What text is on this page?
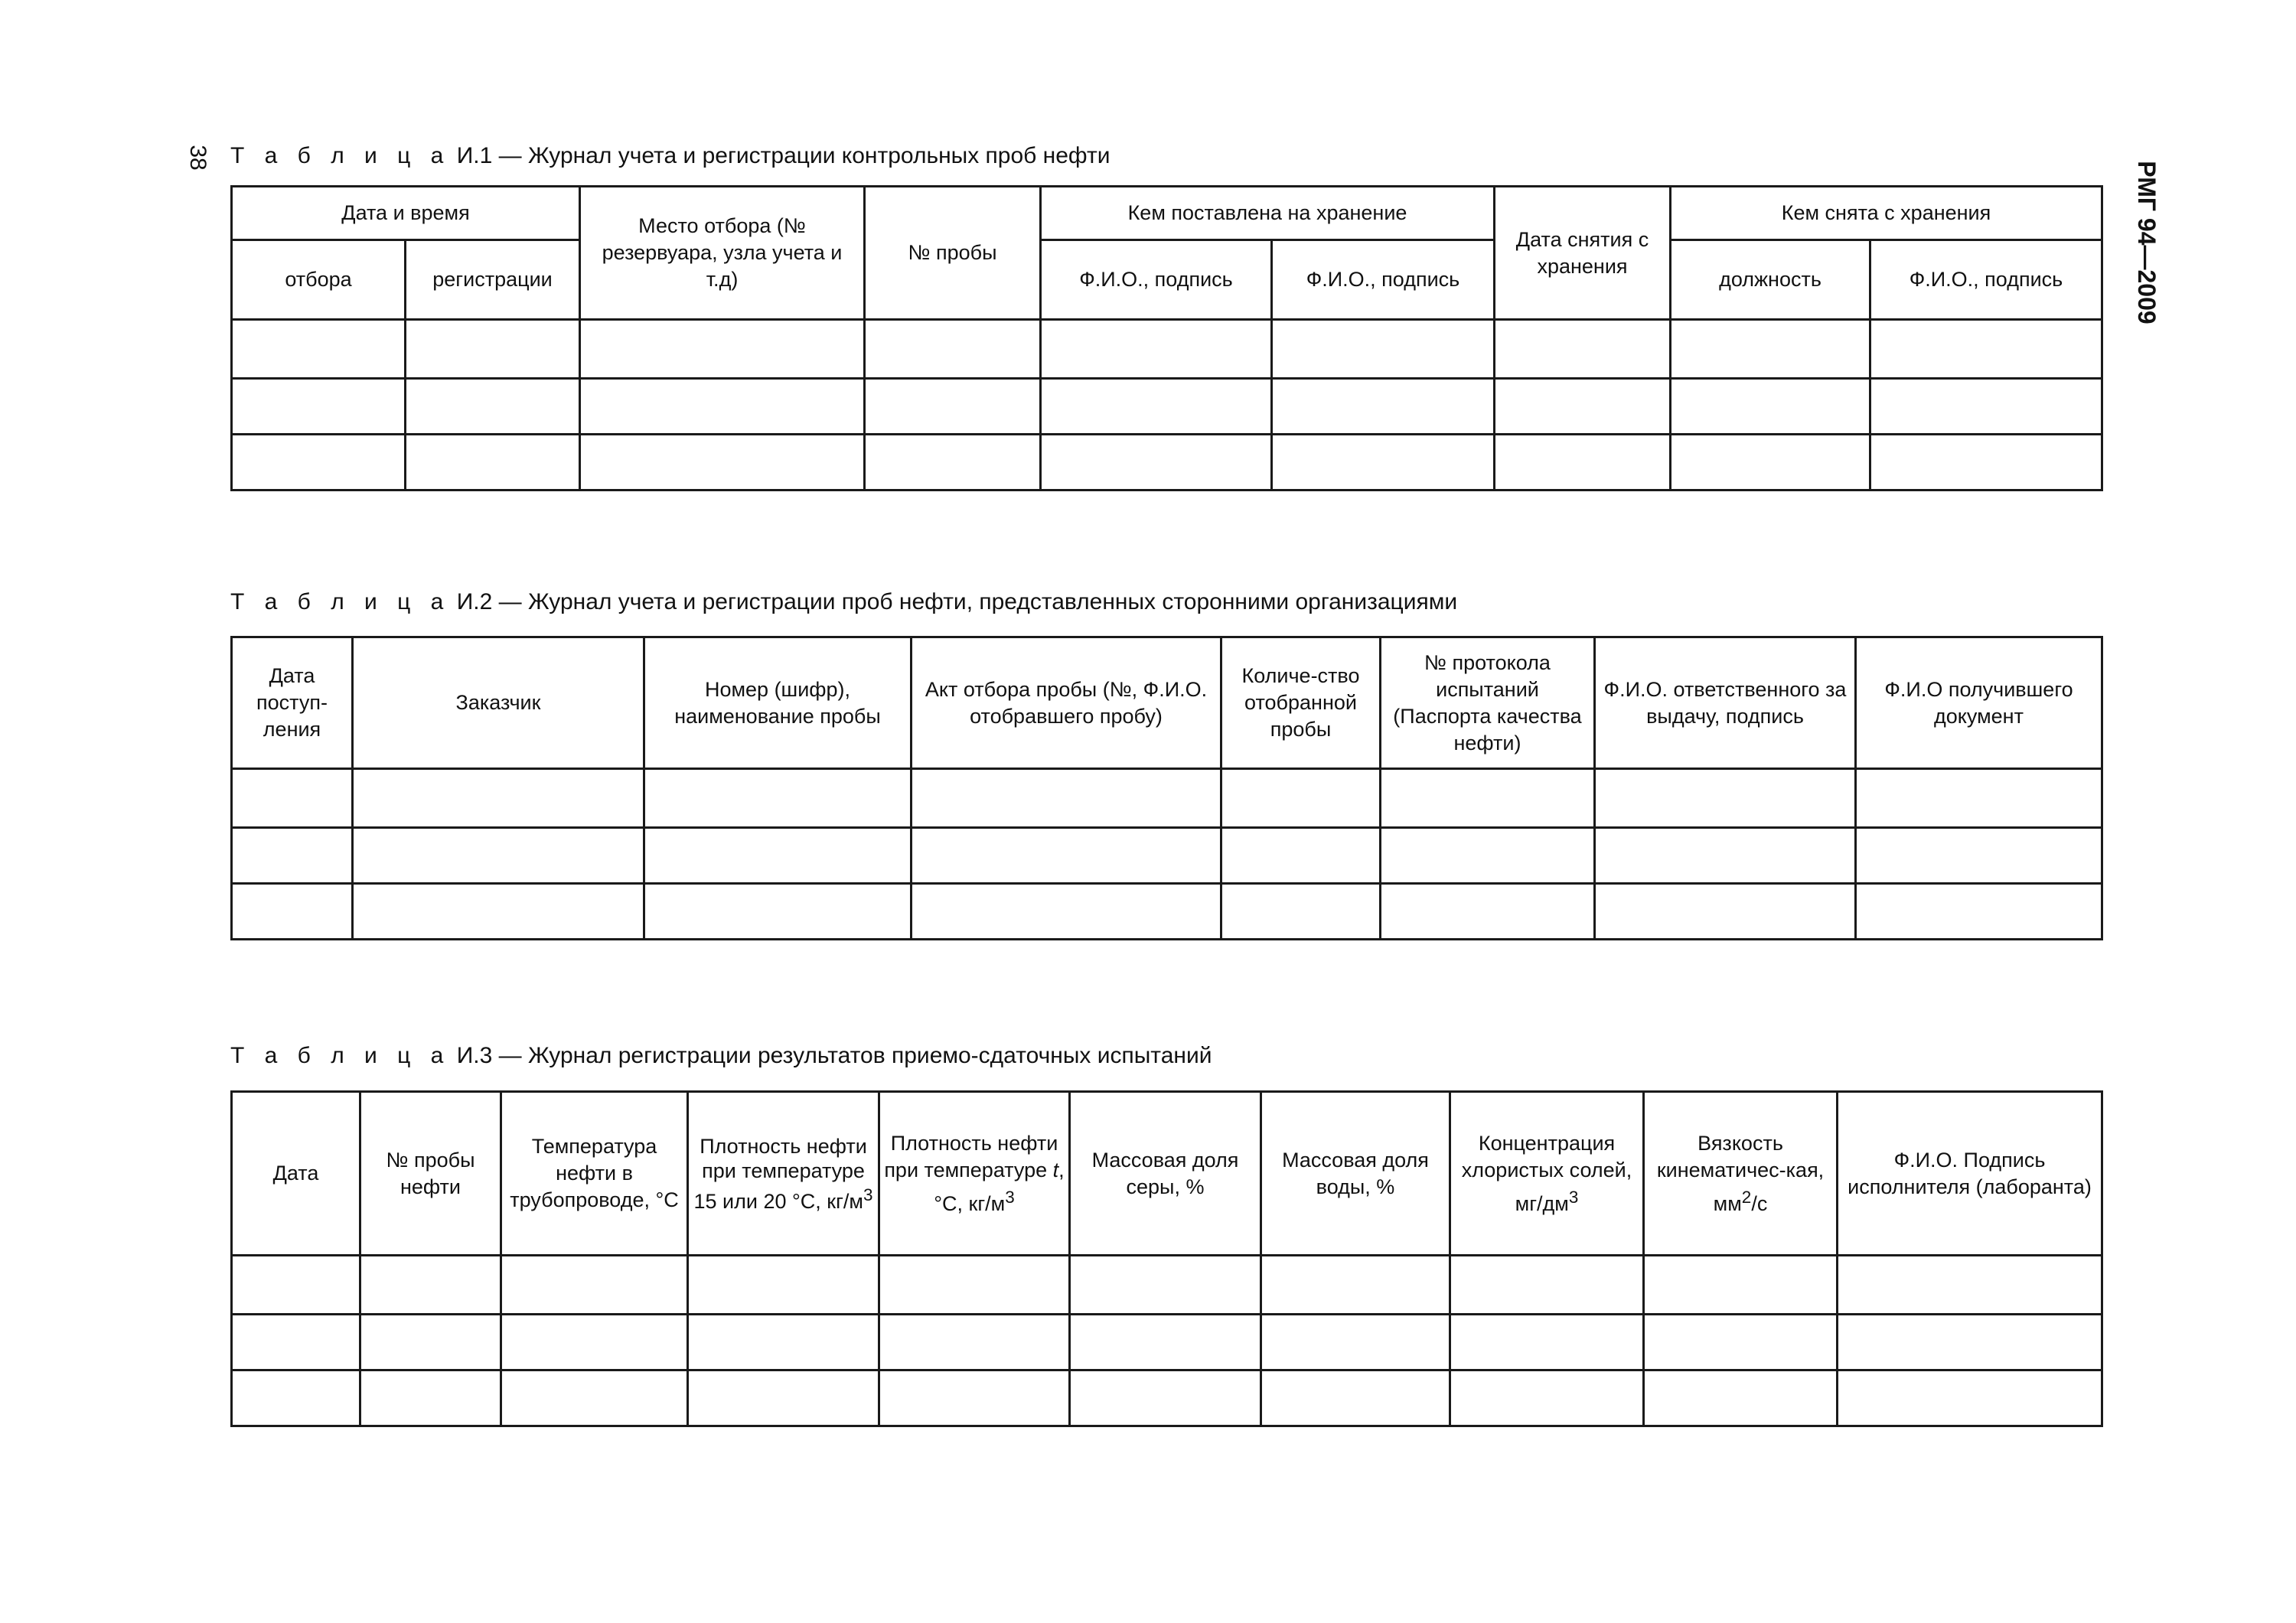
38
РМГ 94—2009
Т а б л и ц а И.1 — Журнал учета и регистрации контрольных проб нефти
Дата и время		Место отбора (№ резервуара, узла учета и т.д)	№ пробы	Кем поставлена на хранение		Дата снятия с хранения	Кем снята с хранения	
отбора	регистрации			Ф.И.О., подпись	Ф.И.О., подпись		должность	Ф.И.О., подпись

Т а б л и ц а И.2 — Журнал учета и регистрации проб нефти, представленных сторонними организациями
Дата поступ-ления	Заказчик	Номер (шифр), наименование пробы	Акт отбора пробы (№, Ф.И.О. отобравшего пробу)	Количе-ство отобранной пробы	№ протокола испытаний (Паспорта качества нефти)	Ф.И.О. ответственного за выдачу, подпись	Ф.И.О получившего документ

Т а б л и ц а И.3 — Журнал регистрации результатов приемо-сдаточных испытаний
Дата	№ пробы нефти	Температура нефти в трубопроводе, °С	Плотность нефти при температуре 15 или 20 °С, $кг/м^3$	Плотность нефти при температуре t, °С, $кг/м^3$	Массовая доля серы, %	Массовая доля воды, %	Концентрация хлористых солей, $мг/дм^3$	Вязкость кинематичес-кая, $мм^2/с$	Ф.И.О. Подпись исполнителя (лаборанта)
